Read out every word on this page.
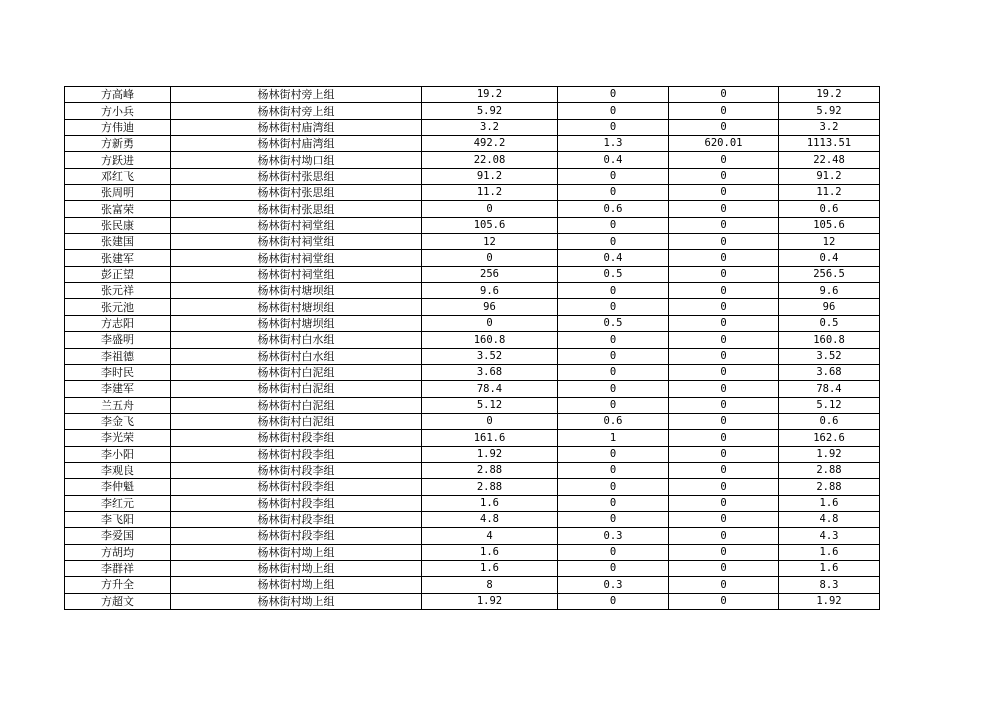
方高峰	杨林街村旁上组	19.2	0	0	19.2
方小兵	杨林街村旁上组	5.92	0	0	5.92
方伟迪	杨林街村庙湾组	3.2	0	0	3.2
方新勇	杨林街村庙湾组	492.2	1.3	620.01	1113.51
方跃进	杨林街村坳口组	22.08	0.4	0	22.48
邓红飞	杨林街村张思组	91.2	0	0	91.2
张周明	杨林街村张思组	11.2	0	0	11.2
张富荣	杨林街村张思组	0	0.6	0	0.6
张民康	杨林街村祠堂组	105.6	0	0	105.6
张建国	杨林街村祠堂组	12	0	0	12
张建军	杨林街村祠堂组	0	0.4	0	0.4
彭正望	杨林街村祠堂组	256	0.5	0	256.5
张元祥	杨林街村塘坝组	9.6	0	0	9.6
张元池	杨林街村塘坝组	96	0	0	96
方志阳	杨林街村塘坝组	0	0.5	0	0.5
李盛明	杨林街村白水组	160.8	0	0	160.8
李祖德	杨林街村白水组	3.52	0	0	3.52
李时民	杨林街村白泥组	3.68	0	0	3.68
李建军	杨林街村白泥组	78.4	0	0	78.4
兰五舟	杨林街村白泥组	5.12	0	0	5.12
李金飞	杨林街村白泥组	0	0.6	0	0.6
李光荣	杨林街村段李组	161.6	1	0	162.6
李小阳	杨林街村段李组	1.92	0	0	1.92
李观良	杨林街村段李组	2.88	0	0	2.88
李仲魁	杨林街村段李组	2.88	0	0	2.88
李红元	杨林街村段李组	1.6	0	0	1.6
李飞阳	杨林街村段李组	4.8	0	0	4.8
李爱国	杨林街村段李组	4	0.3	0	4.3
方胡均	杨林街村坳上组	1.6	0	0	1.6
李群祥	杨林街村坳上组	1.6	0	0	1.6
方升全	杨林街村坳上组	8	0.3	0	8.3
方超文	杨林街村坳上组	1.92	0	0	1.92
